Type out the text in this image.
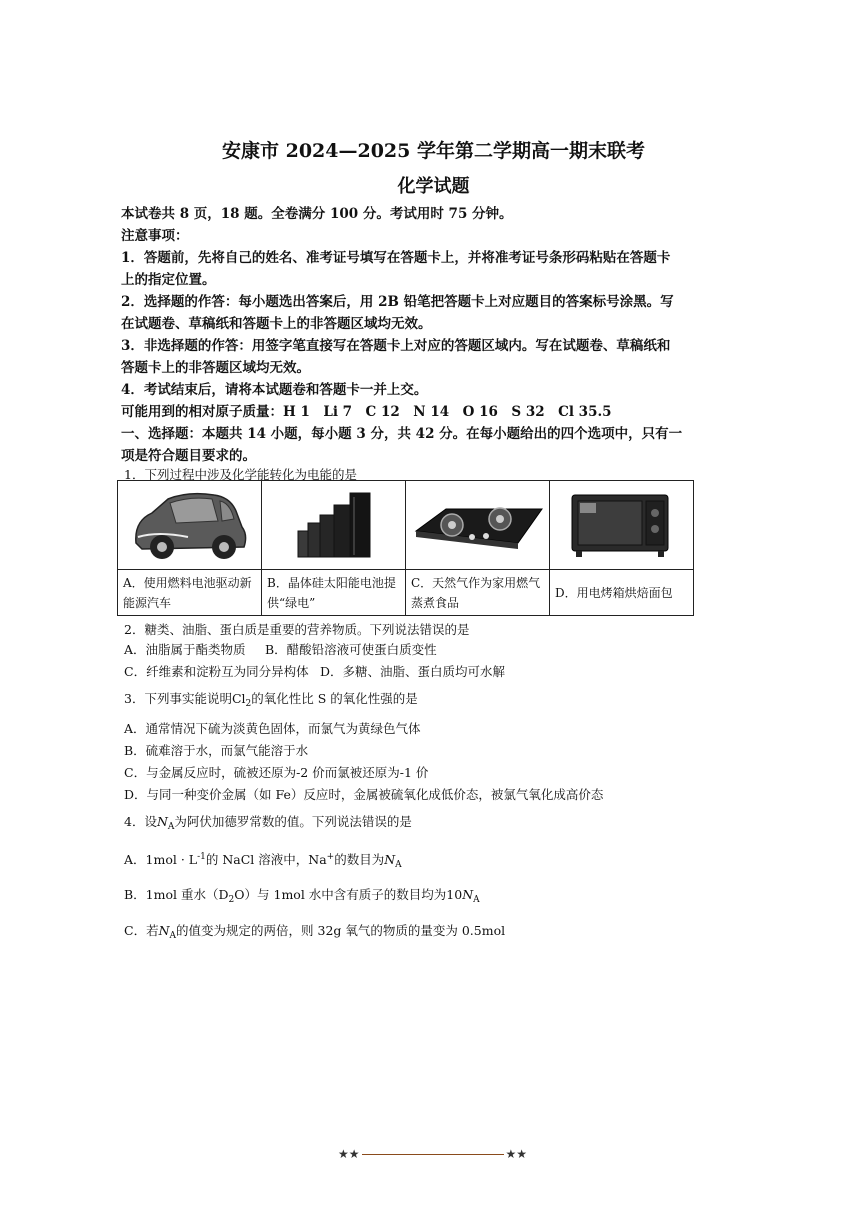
安康市 2024—2025 学年第二学期高一期末联考
化学试题
本试卷共 8 页，18 题。全卷满分 100 分。考试用时 75 分钟。
注意事项：
1．答题前，先将自己的姓名、准考证号填写在答题卡上，并将准考证号条形码粘贴在答题卡
上的指定位置。
2．选择题的作答：每小题选出答案后，用 2B 铅笔把答题卡上对应题目的答案标号涂黑。写
在试题卷、草稿纸和答题卡上的非答题区域均无效。
3．非选择题的作答：用签字笔直接写在答题卡上对应的答题区域内。写在试题卷、草稿纸和
答题卡上的非答题区域均无效。
4．考试结束后，请将本试题卷和答题卡一并上交。
可能用到的相对原子质量：H 1　Li 7　C 12　N 14　O 16　S 32　Cl 35.5
一、选择题：本题共 14 小题，每小题 3 分，共 42 分。在每小题给出的四个选项中，只有一
项是符合题目要求的。
1．下列过程中涉及化学能转化为电能的是

A．使用燃料电池驱动新
能源汽车	B．晶体硅太阳能电池提
供“绿电”	C．天然气作为家用燃气
蒸煮食品	D．用电烤箱烘焙面包
2．糖类、油脂、蛋白质是重要的营养物质。下列说法错误的是
A．油脂属于酯类物质 B．醋酸铅溶液可使蛋白质变性
C．纤维素和淀粉互为同分异构体 D．多糖、油脂、蛋白质均可水解
3．下列事实能说明$Cl_2$的氧化性比 S 的氧化性强的是
A．通常情况下硫为淡黄色固体，而氯气为黄绿色气体
B．硫难溶于水，而氯气能溶于水
C．与金属反应时，硫被还原为-2 价而氯被还原为-1 价
D．与同一种变价金属（如 Fe）反应时，金属被硫氧化成低价态，被氯气氧化成高价态
4．设$N_A$为阿伏加德罗常数的值。下列说法错误的是
A．$1mol \cdot L^{-1}$的 NaCl 溶液中，Na+的数目为$N_A$
B．1mol 重水$(D_2O)$与 1mol 水中含有质子的数目均为$10N_A$
C．若$N_A$的值变为规定的两倍，则 32g 氧气的物质的量变为 0.5mol
★★	★★
